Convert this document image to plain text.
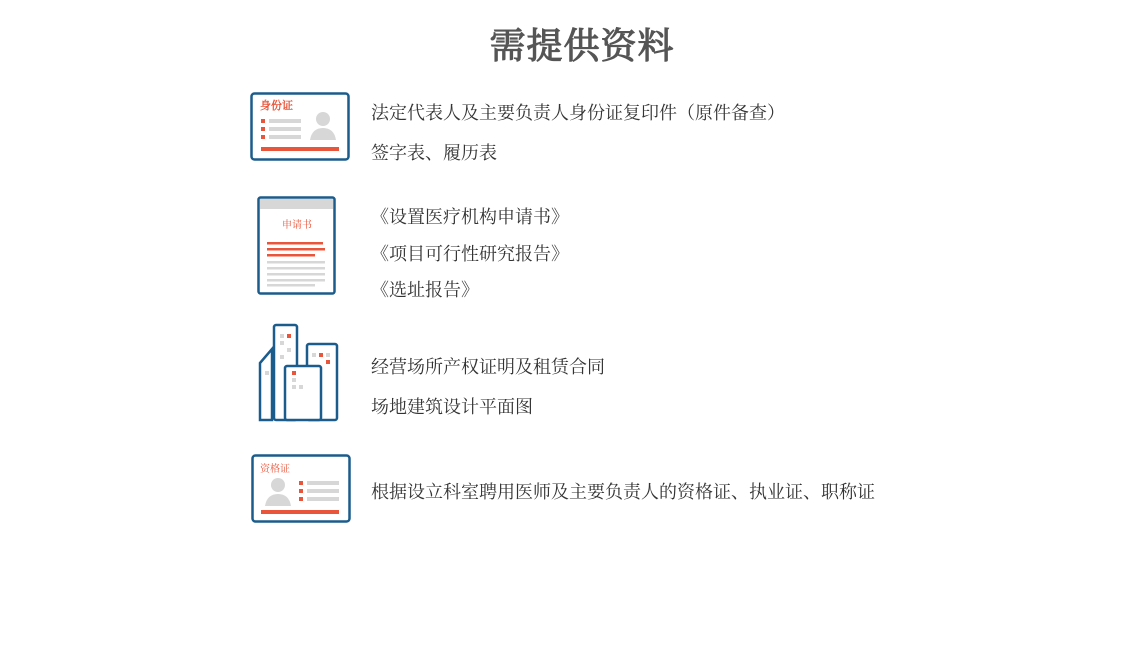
需提供资料
身份证	法定代表人及主要负责人身份证复印件（原件备查）
签字表、履历表
申请书	《设置医疗机构申请书》
《项目可行性研究报告》
《选址报告》
经营场所产权证明及租赁合同
场地建筑设计平面图
资格证
根据设立科室聘用医师及主要负责人的资格证、执业证、职称证
